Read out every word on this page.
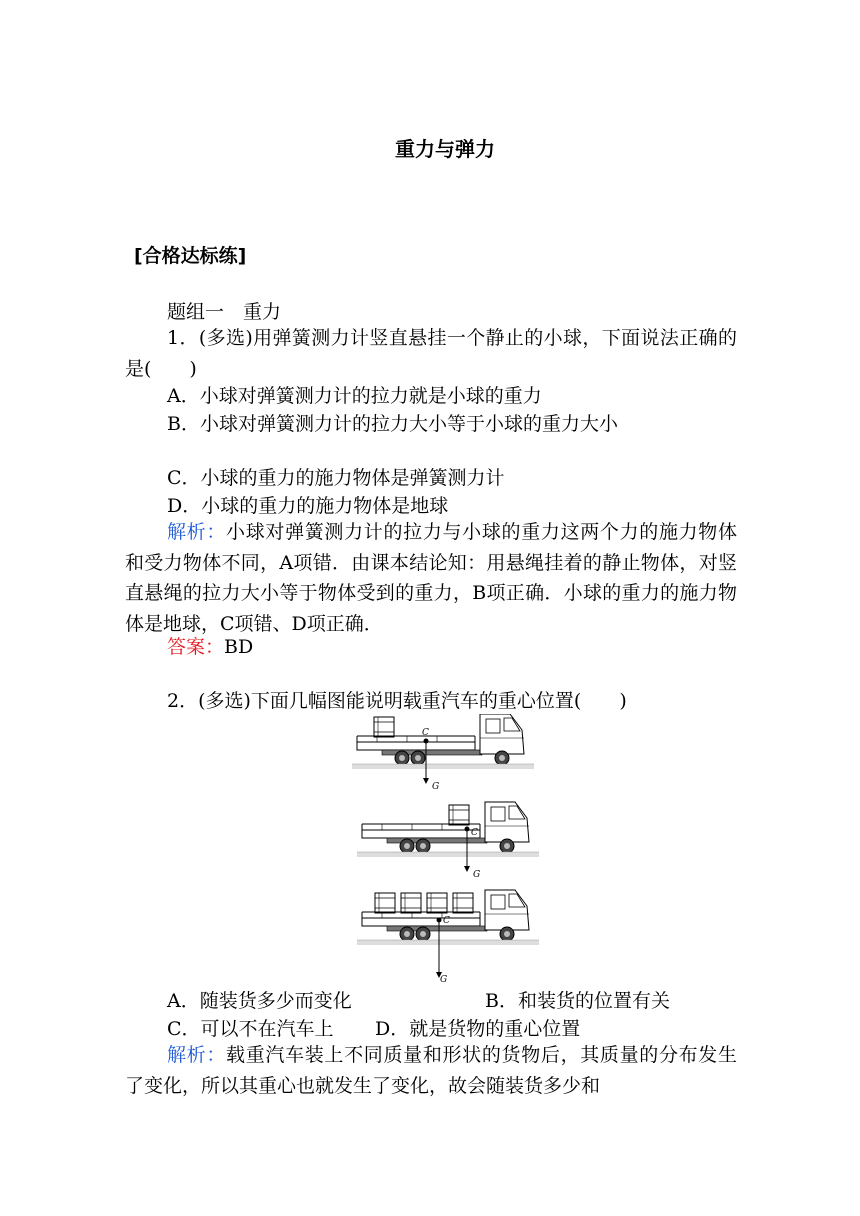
重力与弹力
[合格达标练]
题组一　重力
1．(多选)用弹簧测力计竖直悬挂一个静止的小球，下面说法正确的是(　　)
A．小球对弹簧测力计的拉力就是小球的重力
B．小球对弹簧测力计的拉力大小等于小球的重力大小
C．小球的重力的施力物体是弹簧测力计
D．小球的重力的施力物体是地球
解析：小球对弹簧测力计的拉力与小球的重力这两个力的施力物体和受力物体不同，A项错．由课本结论知：用悬绳挂着的静止物体，对竖直悬绳的拉力大小等于物体受到的重力，B项正确．小球的重力的施力物体是地球，C项错、D项正确．
答案：BD
2．(多选)下面几幅图能说明载重汽车的重心位置(　　)
C
G
C
G
C
G
A．随装货多少而变化	B．和装货的位置有关
C．可以不在汽车上 D．就是货物的重心位置
解析：载重汽车装上不同质量和形状的货物后，其质量的分布发生了变化，所以其重心也就发生了变化，故会随装货多少和
